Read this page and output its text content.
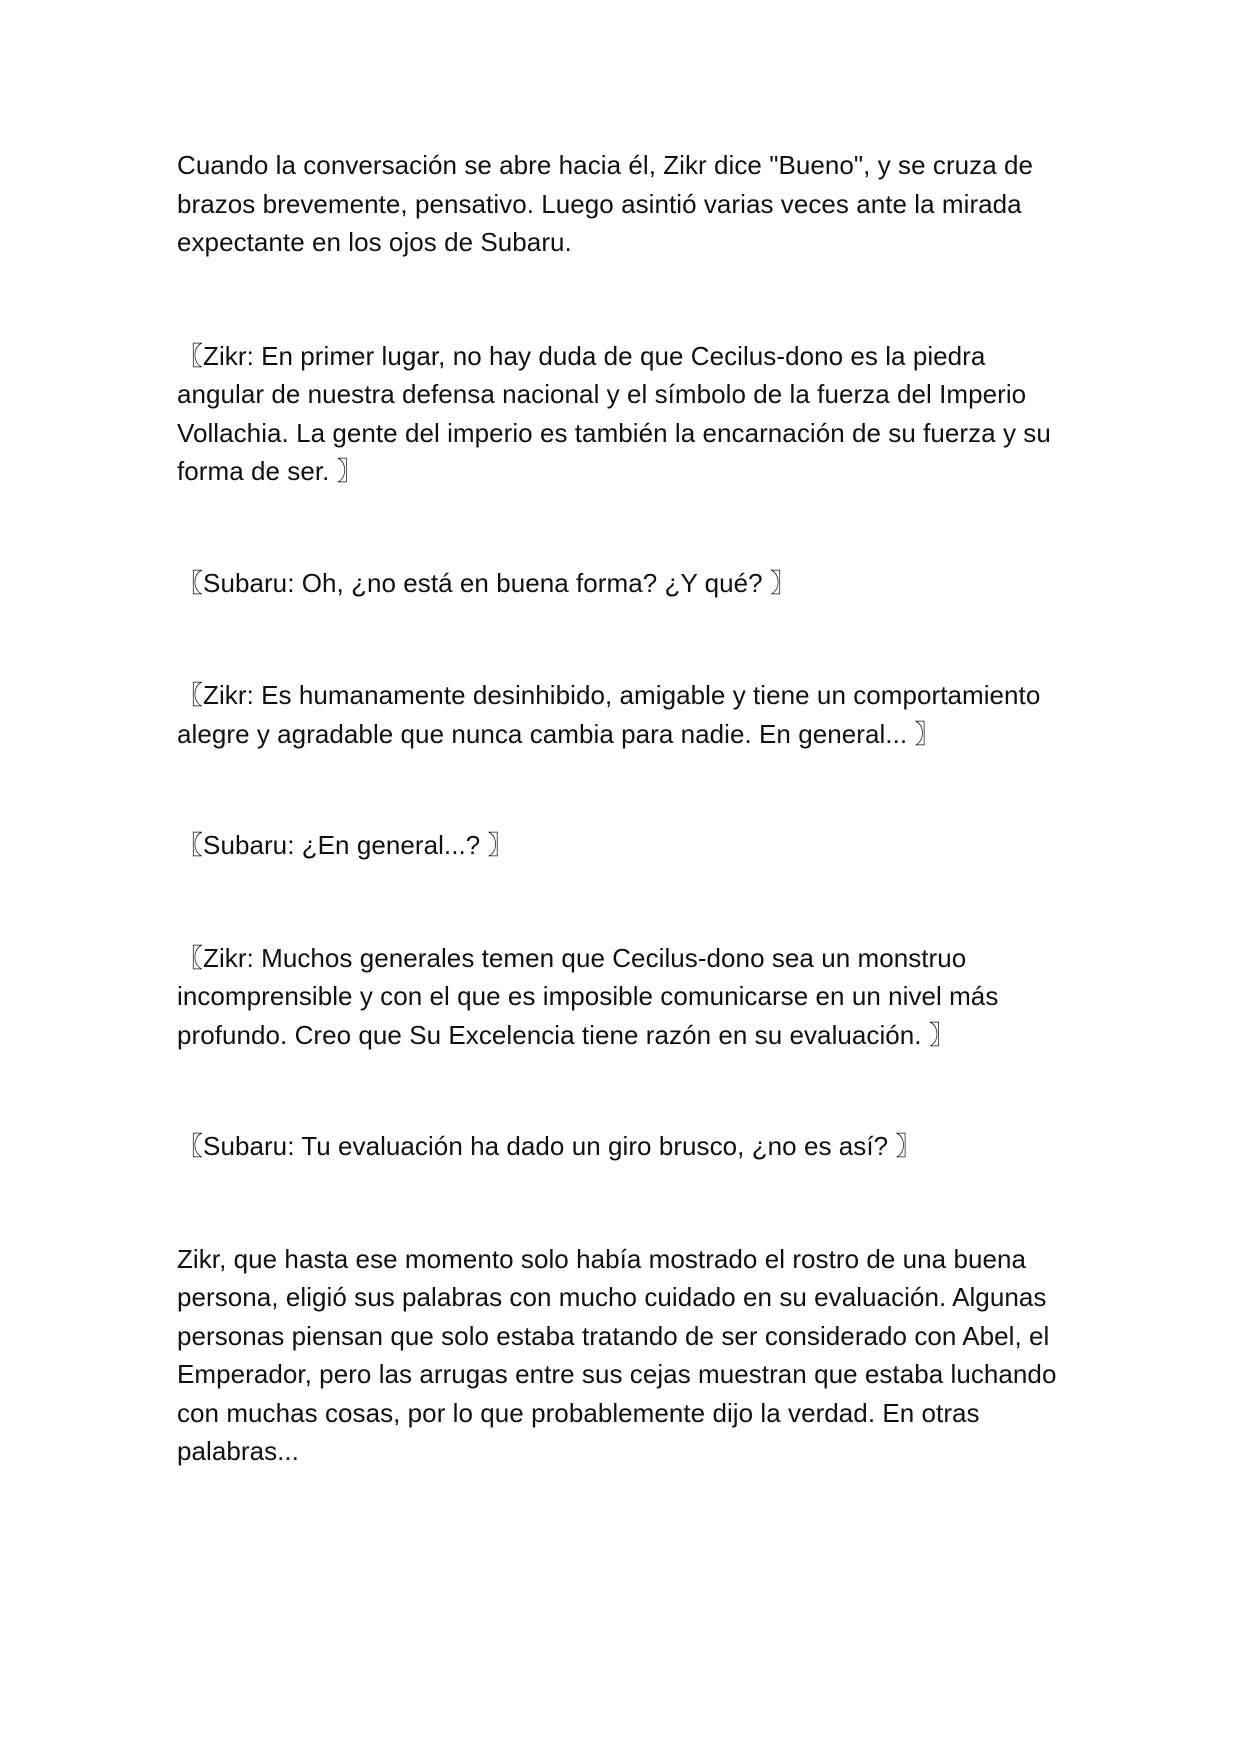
Cuando la conversación se abre hacia él, Zikr dice "Bueno", y se cruza de brazos brevemente, pensativo. Luego asintió varias veces ante la mirada expectante en los ojos de Subaru.

〖Zikr: En primer lugar, no hay duda de que Cecilus-dono es la piedra angular de nuestra defensa nacional y el símbolo de la fuerza del Imperio Vollachia. La gente del imperio es también la encarnación de su fuerza y su forma de ser. 〗

〖Subaru: Oh, ¿no está en buena forma? ¿Y qué? 〗

〖Zikr: Es humanamente desinhibido, amigable y tiene un comportamiento alegre y agradable que nunca cambia para nadie. En general... 〗

〖Subaru: ¿En general...? 〗

〖Zikr: Muchos generales temen que Cecilus-dono sea un monstruo incomprensible y con el que es imposible comunicarse en un nivel más profundo. Creo que Su Excelencia tiene razón en su evaluación. 〗

〖Subaru: Tu evaluación ha dado un giro brusco, ¿no es así? 〗

Zikr, que hasta ese momento solo había mostrado el rostro de una buena persona, eligió sus palabras con mucho cuidado en su evaluación. Algunas personas piensan que solo estaba tratando de ser considerado con Abel, el Emperador, pero las arrugas entre sus cejas muestran que estaba luchando con muchas cosas, por lo que probablemente dijo la verdad. En otras palabras...
